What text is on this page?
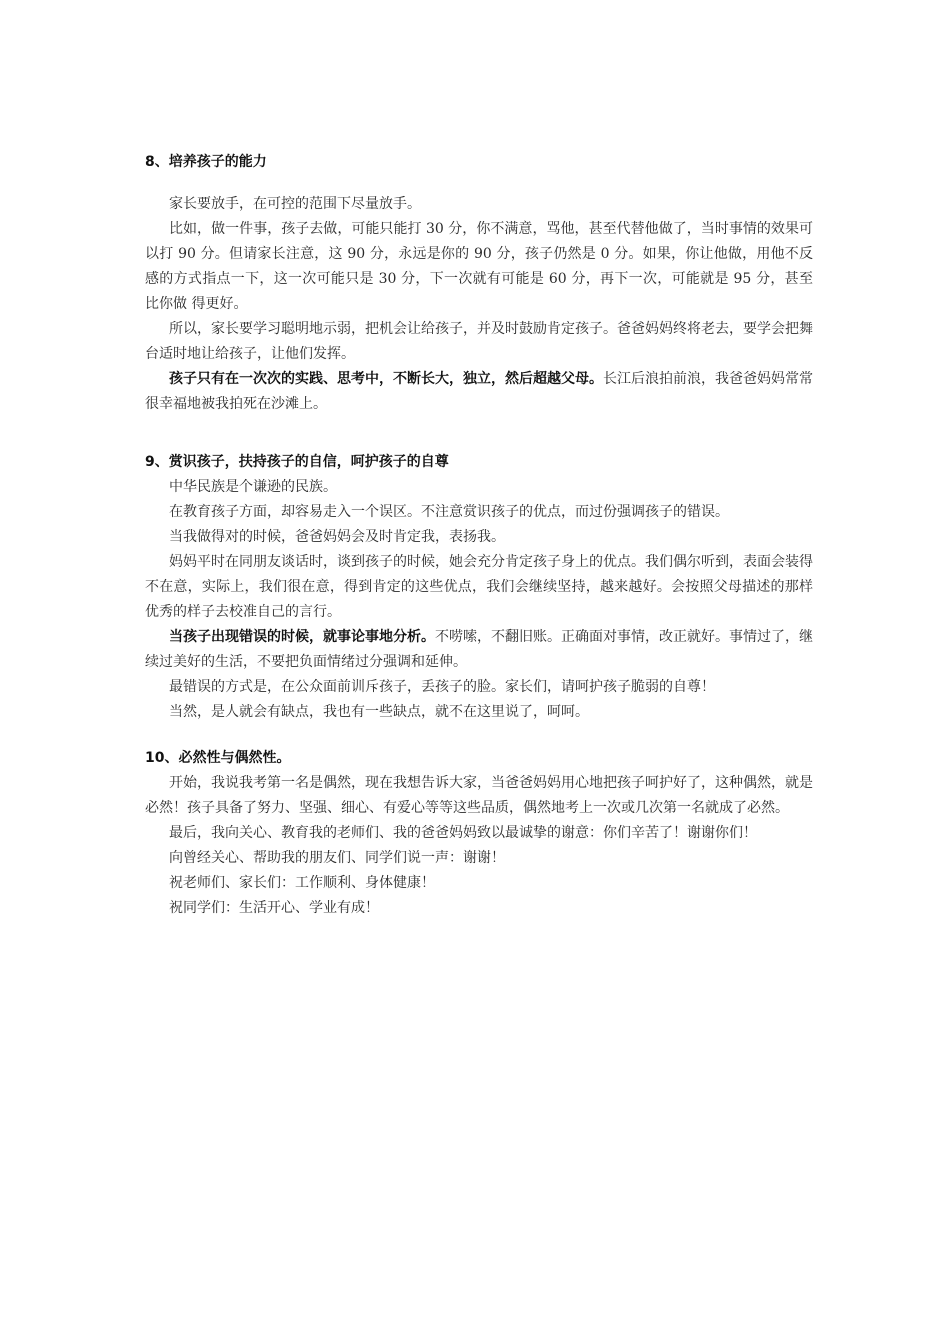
8、培养孩子的能力

家长要放手，在可控的范围下尽量放手。

比如，做一件事，孩子去做，可能只能打 30 分，你不满意，骂他，甚至代替他做了，当时事情的效果可以打 90 分。但请家长注意，这 90 分，永远是你的 90 分，孩子仍然是 0 分。如果，你让他做，用他不反感的方式指点一下，这一次可能只是 30 分，下一次就有可能是 60 分，再下一次，可能就是 95 分，甚至比你做 得更好。

所以，家长要学习聪明地示弱，把机会让给孩子，并及时鼓励肯定孩子。爸爸妈妈终将老去，要学会把舞台适时地让给孩子，让他们发挥。

孩子只有在一次次的实践、思考中，不断长大，独立，然后超越父母。长江后浪拍前浪，我爸爸妈妈常常很幸福地被我拍死在沙滩上。

9、赏识孩子，扶持孩子的自信，呵护孩子的自尊

中华民族是个谦逊的民族。

在教育孩子方面，却容易走入一个误区。不注意赏识孩子的优点，而过份强调孩子的错误。

当我做得对的时候，爸爸妈妈会及时肯定我，表扬我。

妈妈平时在同朋友谈话时，谈到孩子的时候，她会充分肯定孩子身上的优点。我们偶尔听到，表面会装得不在意，实际上，我们很在意，得到肯定的这些优点，我们会继续坚持，越来越好。会按照父母描述的那样优秀的样子去校准自己的言行。

当孩子出现错误的时候，就事论事地分析。不唠嗦，不翻旧账。正确面对事情，改正就好。事情过了，继续过美好的生活，不要把负面情绪过分强调和延伸。

最错误的方式是，在公众面前训斥孩子，丢孩子的脸。家长们，请呵护孩子脆弱的自尊！

当然，是人就会有缺点，我也有一些缺点，就不在这里说了，呵呵。

10、必然性与偶然性。

开始，我说我考第一名是偶然，现在我想告诉大家，当爸爸妈妈用心地把孩子呵护好了，这种偶然，就是必然！孩子具备了努力、坚强、细心、有爱心等等这些品质，偶然地考上一次或几次第一名就成了必然。

最后，我向关心、教育我的老师们、我的爸爸妈妈致以最诚挚的谢意：你们辛苦了！谢谢你们！

向曾经关心、帮助我的朋友们、同学们说一声：谢谢！

祝老师们、家长们：工作顺利、身体健康！

祝同学们：生活开心、学业有成！
